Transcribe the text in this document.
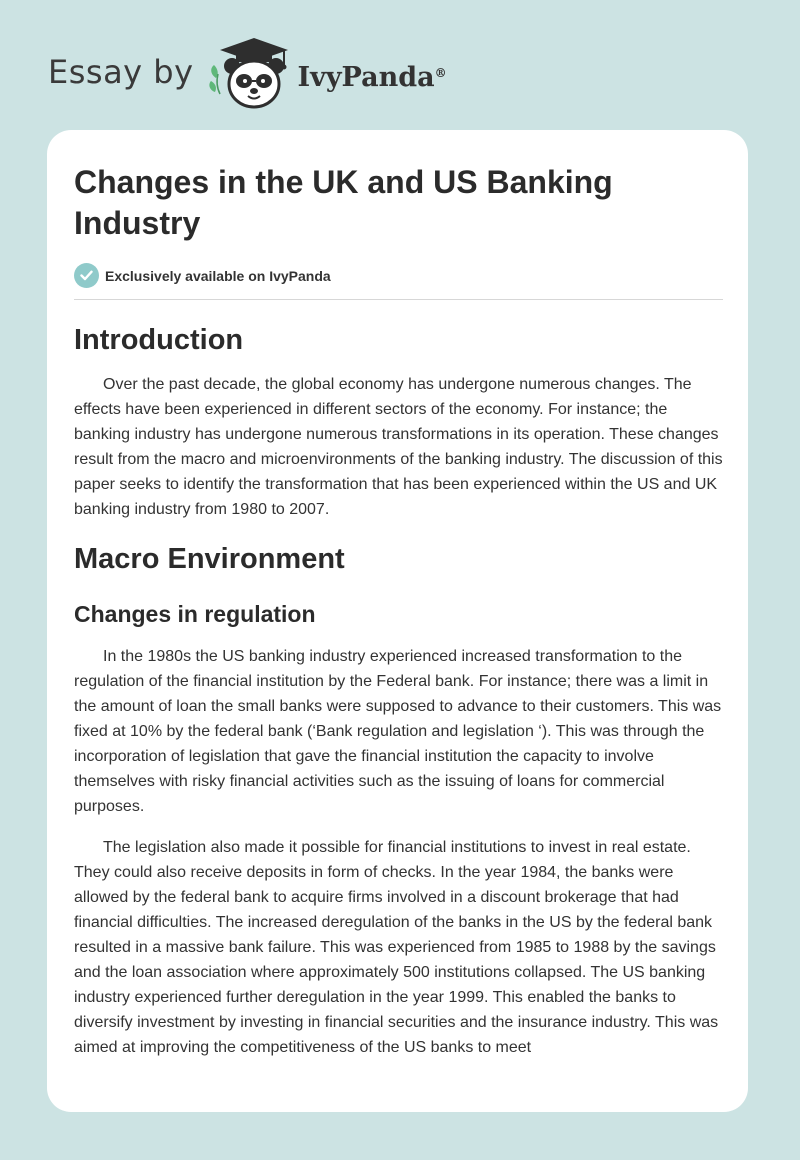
Essay by	IvyPanda®
Changes in the UK and US Banking Industry
Exclusively available on IvyPanda
Introduction

Over the past decade, the global economy has undergone numerous changes. The effects have been experienced in different sectors of the economy. For instance; the banking industry has undergone numerous transformations in its operation. These changes result from the macro and microenvironments of the banking industry. The discussion of this paper seeks to identify the transformation that has been experienced within the US and UK banking industry from 1980 to 2007.

Macro Environment
Changes in regulation

In the 1980s the US banking industry experienced increased transformation to the regulation of the financial institution by the Federal bank. For instance; there was a limit in the amount of loan the small banks were supposed to advance to their customers. This was fixed at 10% by the federal bank (‘Bank regulation and legislation ‘). This was through the incorporation of legislation that gave the financial institution the capacity to involve themselves with risky financial activities such as the issuing of loans for commercial purposes.

The legislation also made it possible for financial institutions to invest in real estate. They could also receive deposits in form of checks. In the year 1984, the banks were allowed by the federal bank to acquire firms involved in a discount brokerage that had financial difficulties. The increased deregulation of the banks in the US by the federal bank resulted in a massive bank failure. This was experienced from 1985 to 1988 by the savings and the loan association where approximately 500 institutions collapsed. The US banking industry experienced further deregulation in the year 1999. This enabled the banks to diversify investment by investing in financial securities and the insurance industry. This was aimed at improving the competitiveness of the US banks to meet
